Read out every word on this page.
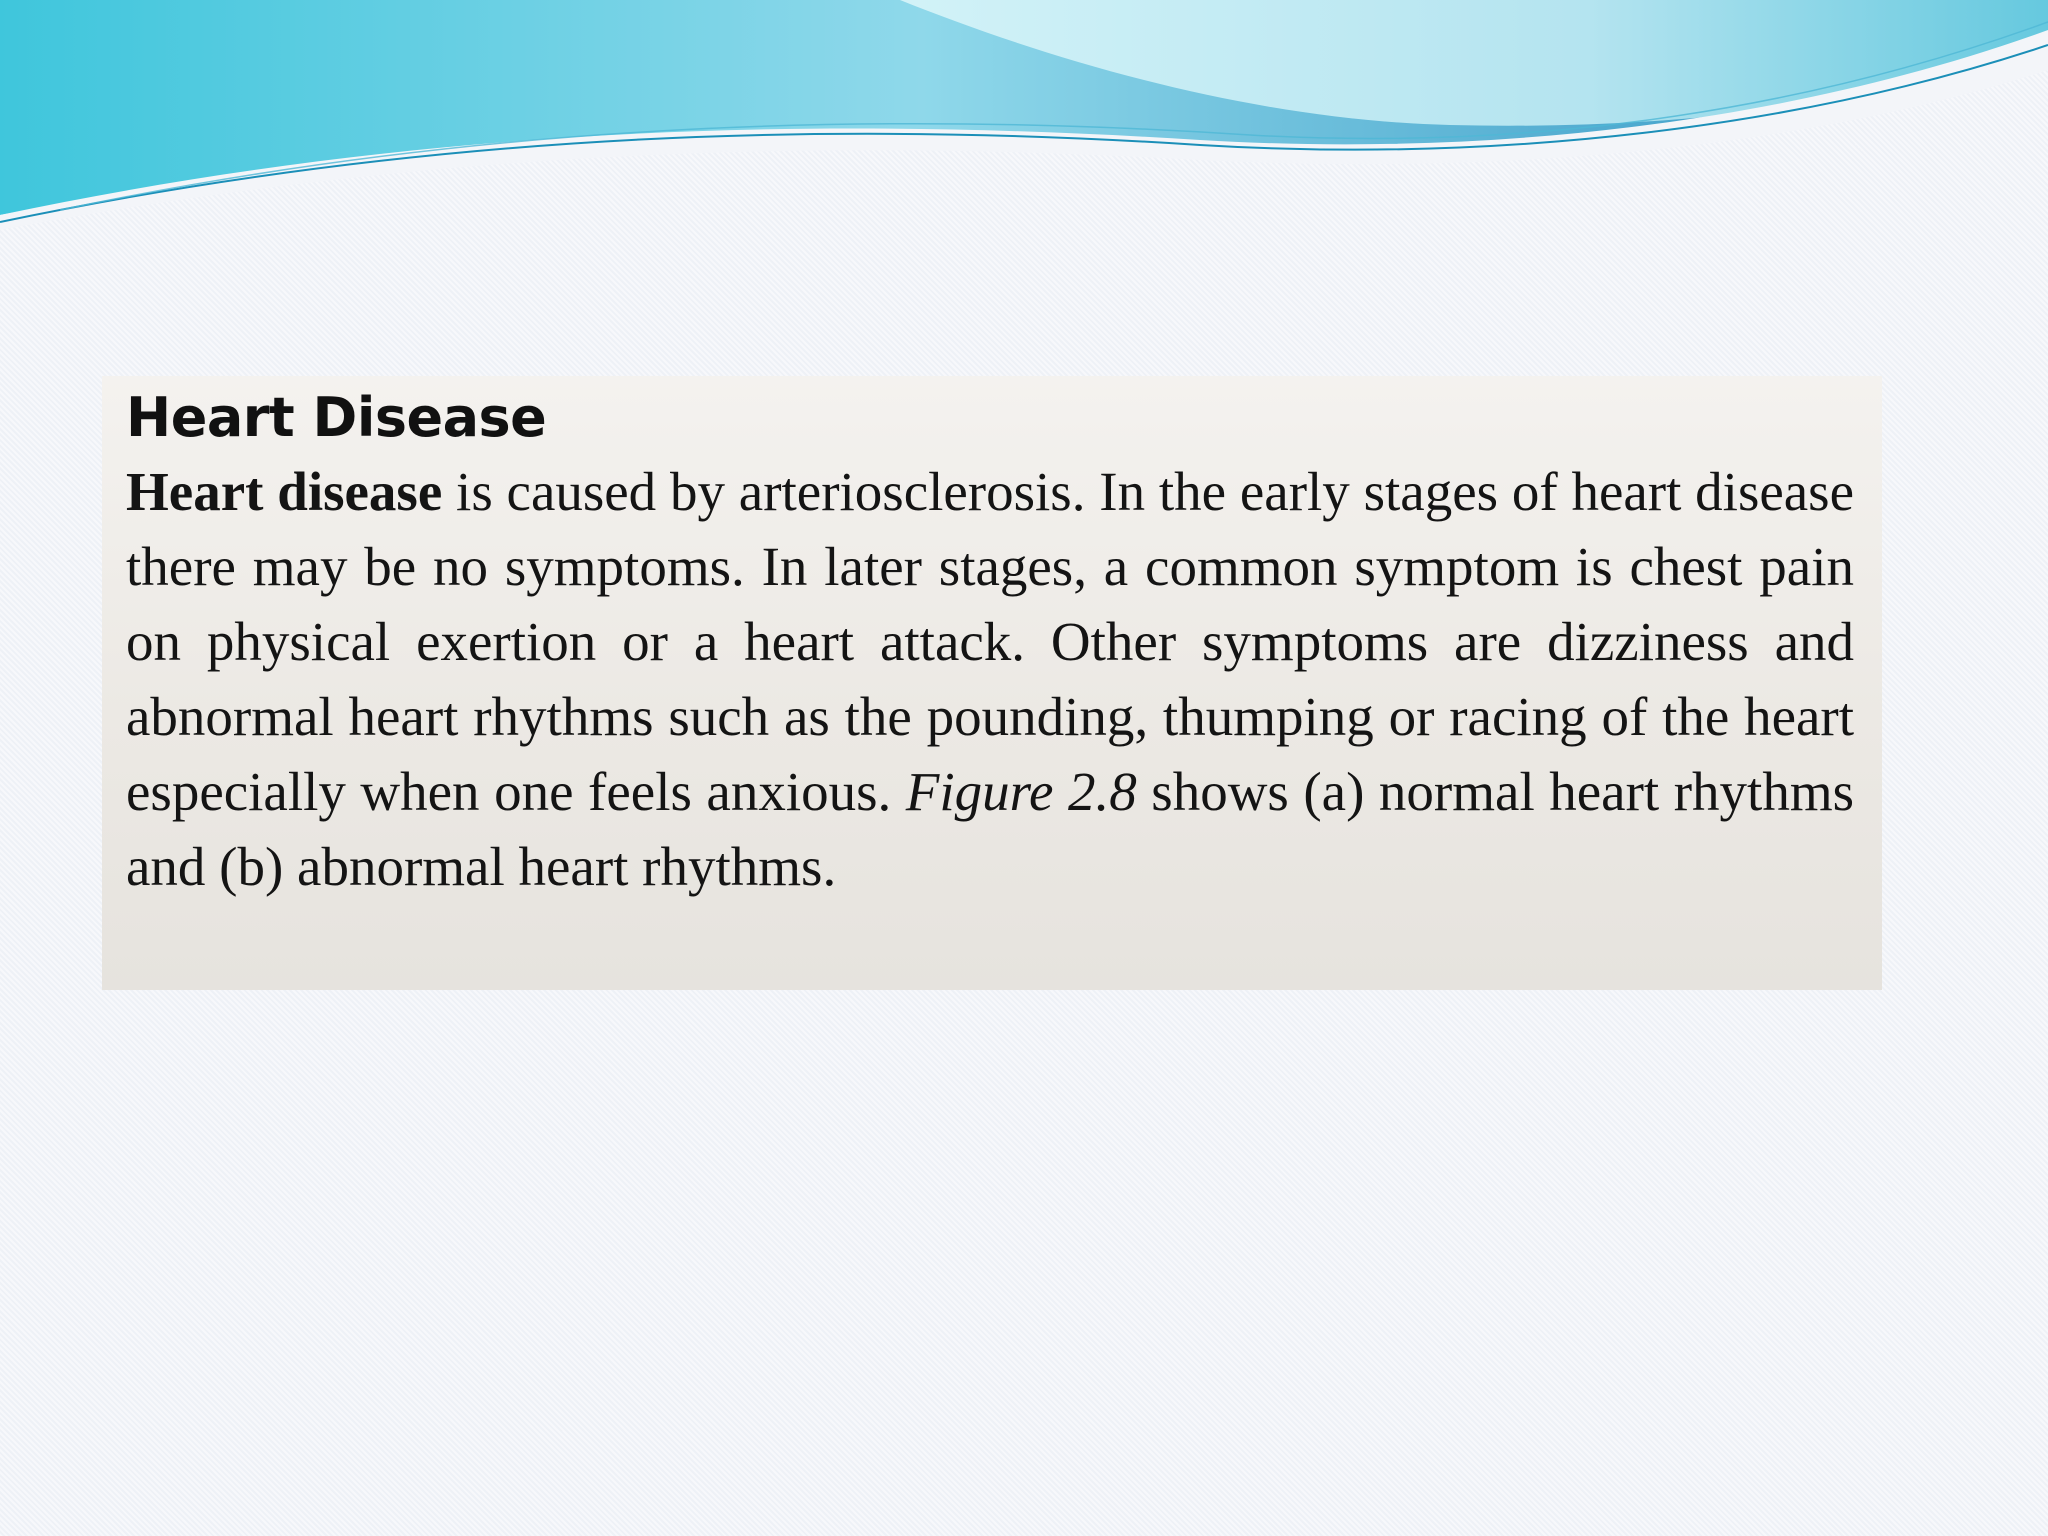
Heart Disease

Heart disease is caused by arteriosclerosis. In the early stages of heart disease there may be no symptoms. In later stages, a common symptom is chest pain on physical exertion or a heart attack. Other symptoms are dizziness and abnormal heart rhythms such as the pounding, thumping or racing of the heart especially when one feels anxious. Figure 2.8 shows (a) normal heart rhythms and (b) abnormal heart rhythms.
